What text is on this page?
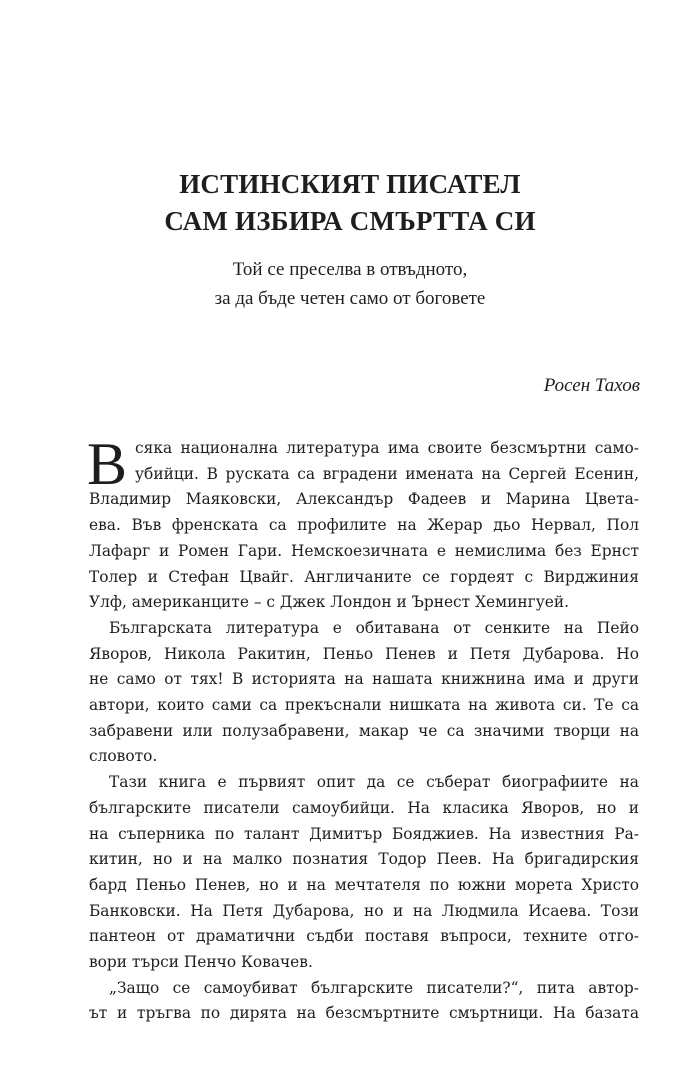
ИСТИНСКИЯТ ПИСАТЕЛ
САМ ИЗБИРА СМЪРТТА СИ

Той се преселва в отвъдното,
за да бъде четен само от боговете

Росен Тахов

В сяка национална литература има своите безсмъртни само-
убийци. В руската са вградени имената на Сергей Есенин,
Владимир Маяковски, Александър Фадеев и Марина Цвета-
ева. Във френската са профилите на Жерар дьо Нервал, Пол
Лафарг и Ромен Гари. Немскоезичната е немислима без Ернст
Толер и Стефан Цвайг. Англичаните се гордеят с Вирджиния
Улф, американците – с Джек Лондон и Ърнест Хемингуей.
Българската литература е обитавана от сенките на Пейо
Яворов, Никола Ракитин, Пеньо Пенев и Петя Дубарова. Но
не само от тях! В историята на нашата книжнина има и други
автори, които сами са прекъснали нишката на живота си. Те са
забравени или полузабравени, макар че са значими творци на
словото.
Тази книга е първият опит да се съберат биографиите на
българските писатели самоубийци. На класика Яворов, но и
на съперника по талант Димитър Бояджиев. На известния Ра-
китин, но и на малко познатия Тодор Пеев. На бригадирския
бард Пеньо Пенев, но и на мечтателя по южни морета Христо
Банковски. На Петя Дубарова, но и на Людмила Исаева. Този
пантеон от драматични съдби поставя въпроси, техните отго-
вори търси Пенчо Ковачев.
„Защо се самоубиват българските писатели?“, пита автор-
ът и тръгва по дирята на безсмъртните смъртници. На базата
